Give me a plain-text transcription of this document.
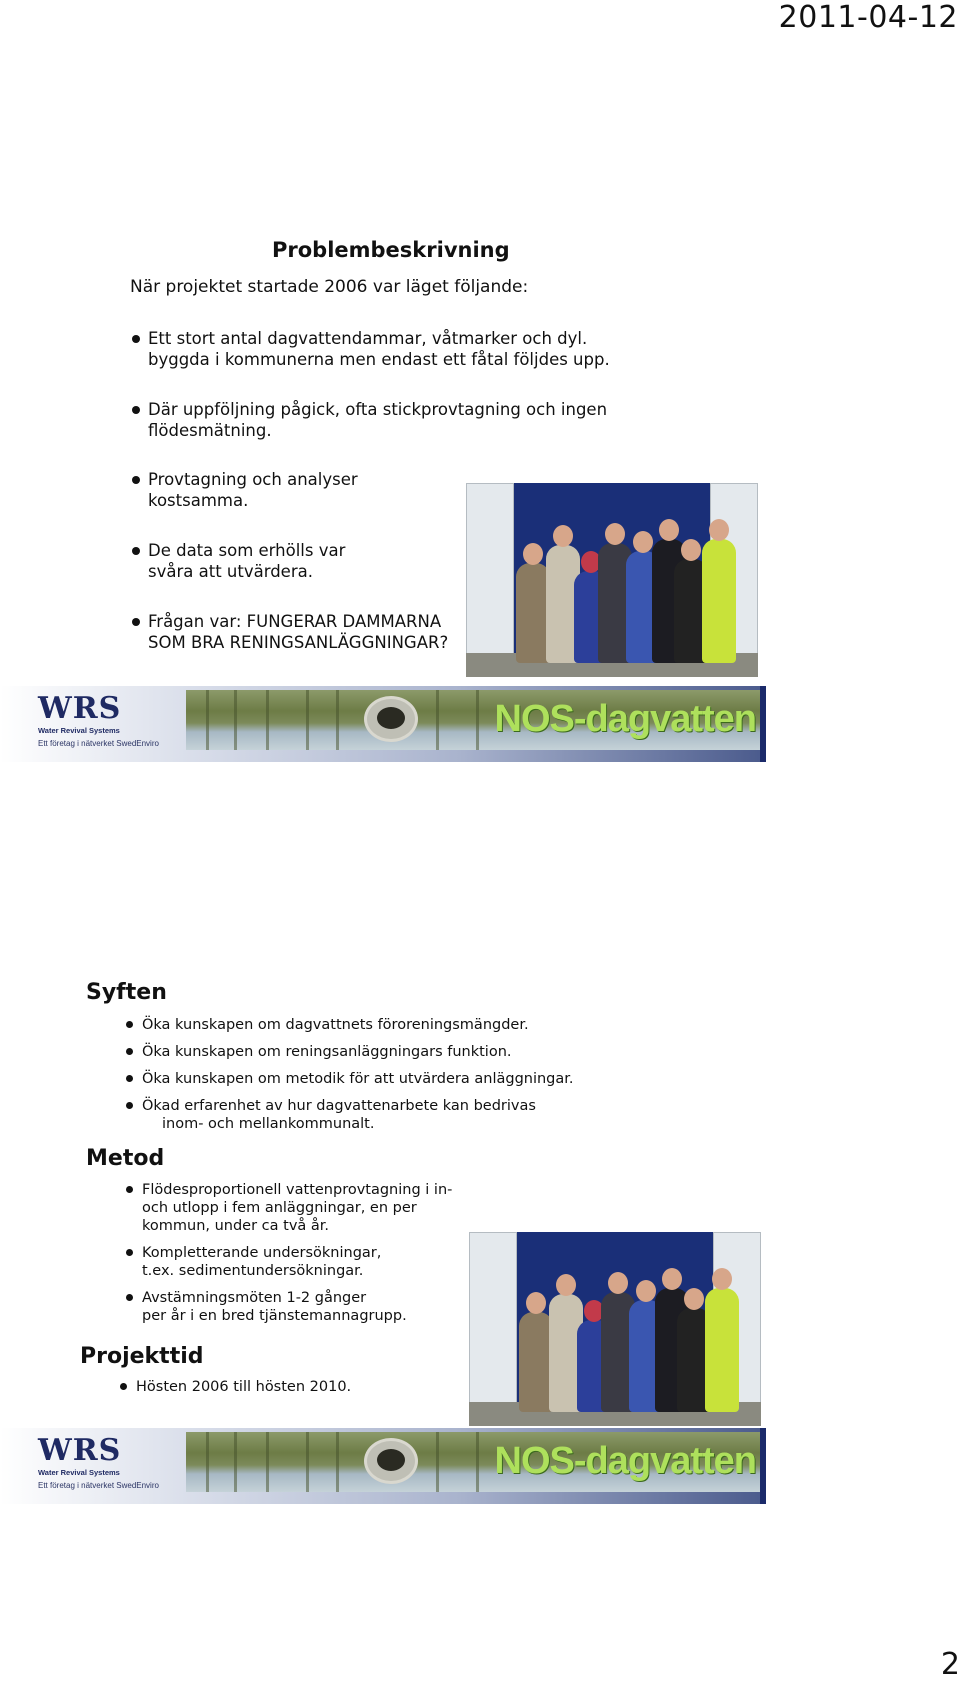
2011-04-12
Problembeskrivning
När projektet startade 2006 var läget följande:
Ett stort antal dagvattendammar, våtmarker och dyl.
byggda i kommunerna men endast ett fåtal följdes upp.
Där uppföljning pågick, ofta stickprovtagning och ingen
flödesmätning.
Provtagning och analyser
kostsamma.
De data som erhölls var
svåra att utvärdera.
Frågan var: FUNGERAR DAMMARNA
SOM BRA RENINGSANLÄGGNINGAR?
WRS
Water Revival Systems
Ett företag i nätverket SwedEnviro
NOS-dagvatten
Syften
Öka kunskapen om dagvattnets föroreningsmängder.
Öka kunskapen om reningsanläggningars funktion.
Öka kunskapen om metodik för att utvärdera anläggningar.
Ökad erfarenhet av hur dagvattenarbete kan bedrivas
inom- och mellankommunalt.
Metod
Flödesproportionell vattenprovtagning i in-
och utlopp i fem anläggningar, en per
kommun, under ca två år.
Kompletterande undersökningar,
t.ex. sedimentundersökningar.
Avstämningsmöten 1-2 gånger
per år i en bred tjänstemannagrupp.
Projekttid
Hösten 2006 till hösten 2010.
WRS
Water Revival Systems
Ett företag i nätverket SwedEnviro
NOS-dagvatten
2
